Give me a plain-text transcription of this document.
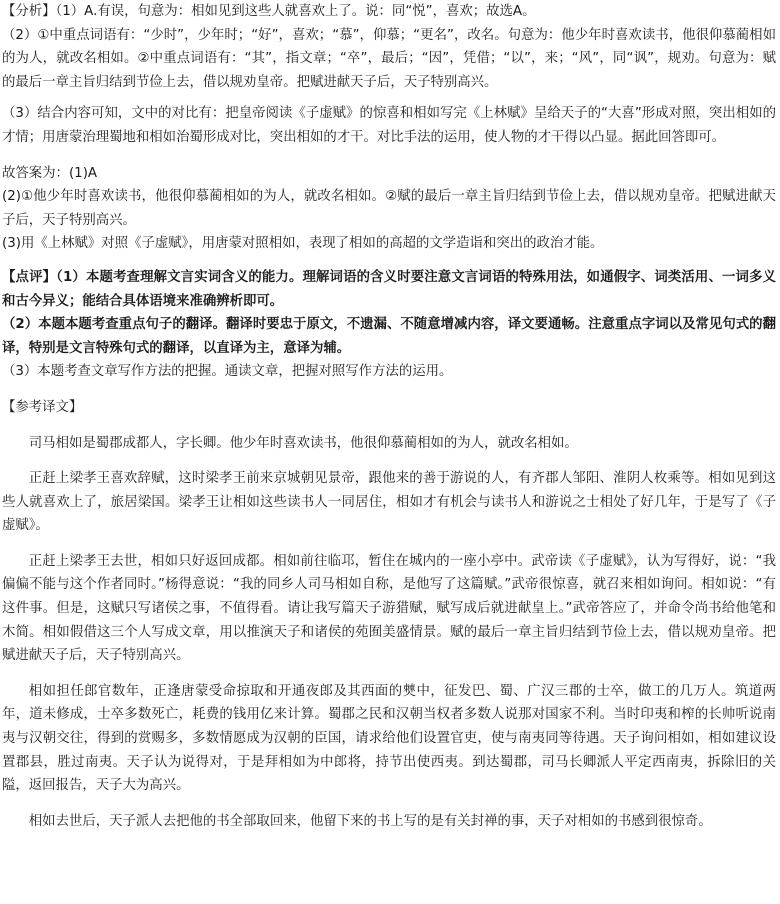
【分析】（1）A.有误，句意为：相如见到这些人就喜欢上了。说：同“悦”，喜欢；故选A。

（2）①中重点词语有：“少时”，少年时；“好”，喜欢；“慕”，仰慕；“更名”，改名。句意为：他少年时喜欢读书，他很仰慕蔺相如的为人，就改名相如。②中重点词语有：“其”，指文章；“卒”，最后；“因”，凭借；“以”，来；“风”，同“讽”，规劝。句意为：赋的最后一章主旨归结到节俭上去，借以规劝皇帝。把赋进献天子后，天子特别高兴。

（3）结合内容可知，文中的对比有：把皇帝阅读《子虚赋》的惊喜和相如写完《上林赋》呈给天子的“大喜”形成对照，突出相如的才情；用唐蒙治理蜀地和相如治蜀形成对比，突出相如的才干。对比手法的运用，使人物的才干得以凸显。据此回答即可。

故答案为：(1)A

(2)①他少年时喜欢读书，他很仰慕蔺相如的为人，就改名相如。②赋的最后一章主旨归结到节俭上去，借以规劝皇帝。把赋进献天子后，天子特别高兴。

(3)用《上林赋》对照《子虚赋》，用唐蒙对照相如，表现了相如的高超的文学造诣和突出的政治才能。

【点评】（1）本题考查理解文言实词含义的能力。理解词语的含义时要注意文言词语的特殊用法，如通假字、词类活用、一词多义和古今异义；能结合具体语境来准确辨析即可。

（2）本题本题考查重点句子的翻译。翻译时要忠于原文，不遗漏、不随意增减内容，译文要通畅。注意重点字词以及常见句式的翻译，特别是文言特殊句式的翻译，以直译为主，意译为辅。

（3）本题考查文章写作方法的把握。通读文章，把握对照写作方法的运用。

【参考译文】

司马相如是蜀郡成都人，字长卿。他少年时喜欢读书，他很仰慕蔺相如的为人，就改名相如。

正赶上梁孝王喜欢辞赋，这时梁孝王前来京城朝见景帝，跟他来的善于游说的人，有齐郡人邹阳、淮阴人枚乘等。相如见到这些人就喜欢上了，旅居梁国。梁孝王让相如这些读书人一同居住，相如才有机会与读书人和游说之士相处了好几年，于是写了《子虚赋》。

正赶上梁孝王去世，相如只好返回成都。相如前往临邛，暂住在城内的一座小亭中。武帝读《子虚赋》，认为写得好，说：“我偏偏不能与这个作者同时。”杨得意说：“我的同乡人司马相如自称，是他写了这篇赋。”武帝很惊喜，就召来相如询问。相如说：“有这件事。但是，这赋只写诸侯之事，不值得看。请让我写篇天子游猎赋，赋写成后就进献皇上。”武帝答应了，并命令尚书给他笔和木简。相如假借这三个人写成文章，用以推演天子和诸侯的苑囿美盛情景。赋的最后一章主旨归结到节俭上去，借以规劝皇帝。把赋进献天子后，天子特别高兴。

相如担任郎官数年，正逢唐蒙受命掠取和开通夜郎及其西面的僰中，征发巴、蜀、广汉三郡的士卒，做工的几万人。筑道两年，道未修成，士卒多数死亡，耗费的钱用亿来计算。蜀郡之民和汉朝当权者多数人说那对国家不利。当时印夷和榨的长帅听说南夷与汉朝交往，得到的赏赐多，多数情愿成为汉朝的臣国，请求给他们设置官吏，使与南夷同等待遇。天子询问相如，相如建议设置郡县，胜过南夷。天子认为说得对，于是拜相如为中郎将，持节出使西夷。到达蜀郡，司马长卿派人平定西南夷，拆除旧的关隘，返回报告，天子大为高兴。

相如去世后，天子派人去把他的书全部取回来，他留下来的书上写的是有关封禅的事，天子对相如的书感到很惊奇。
